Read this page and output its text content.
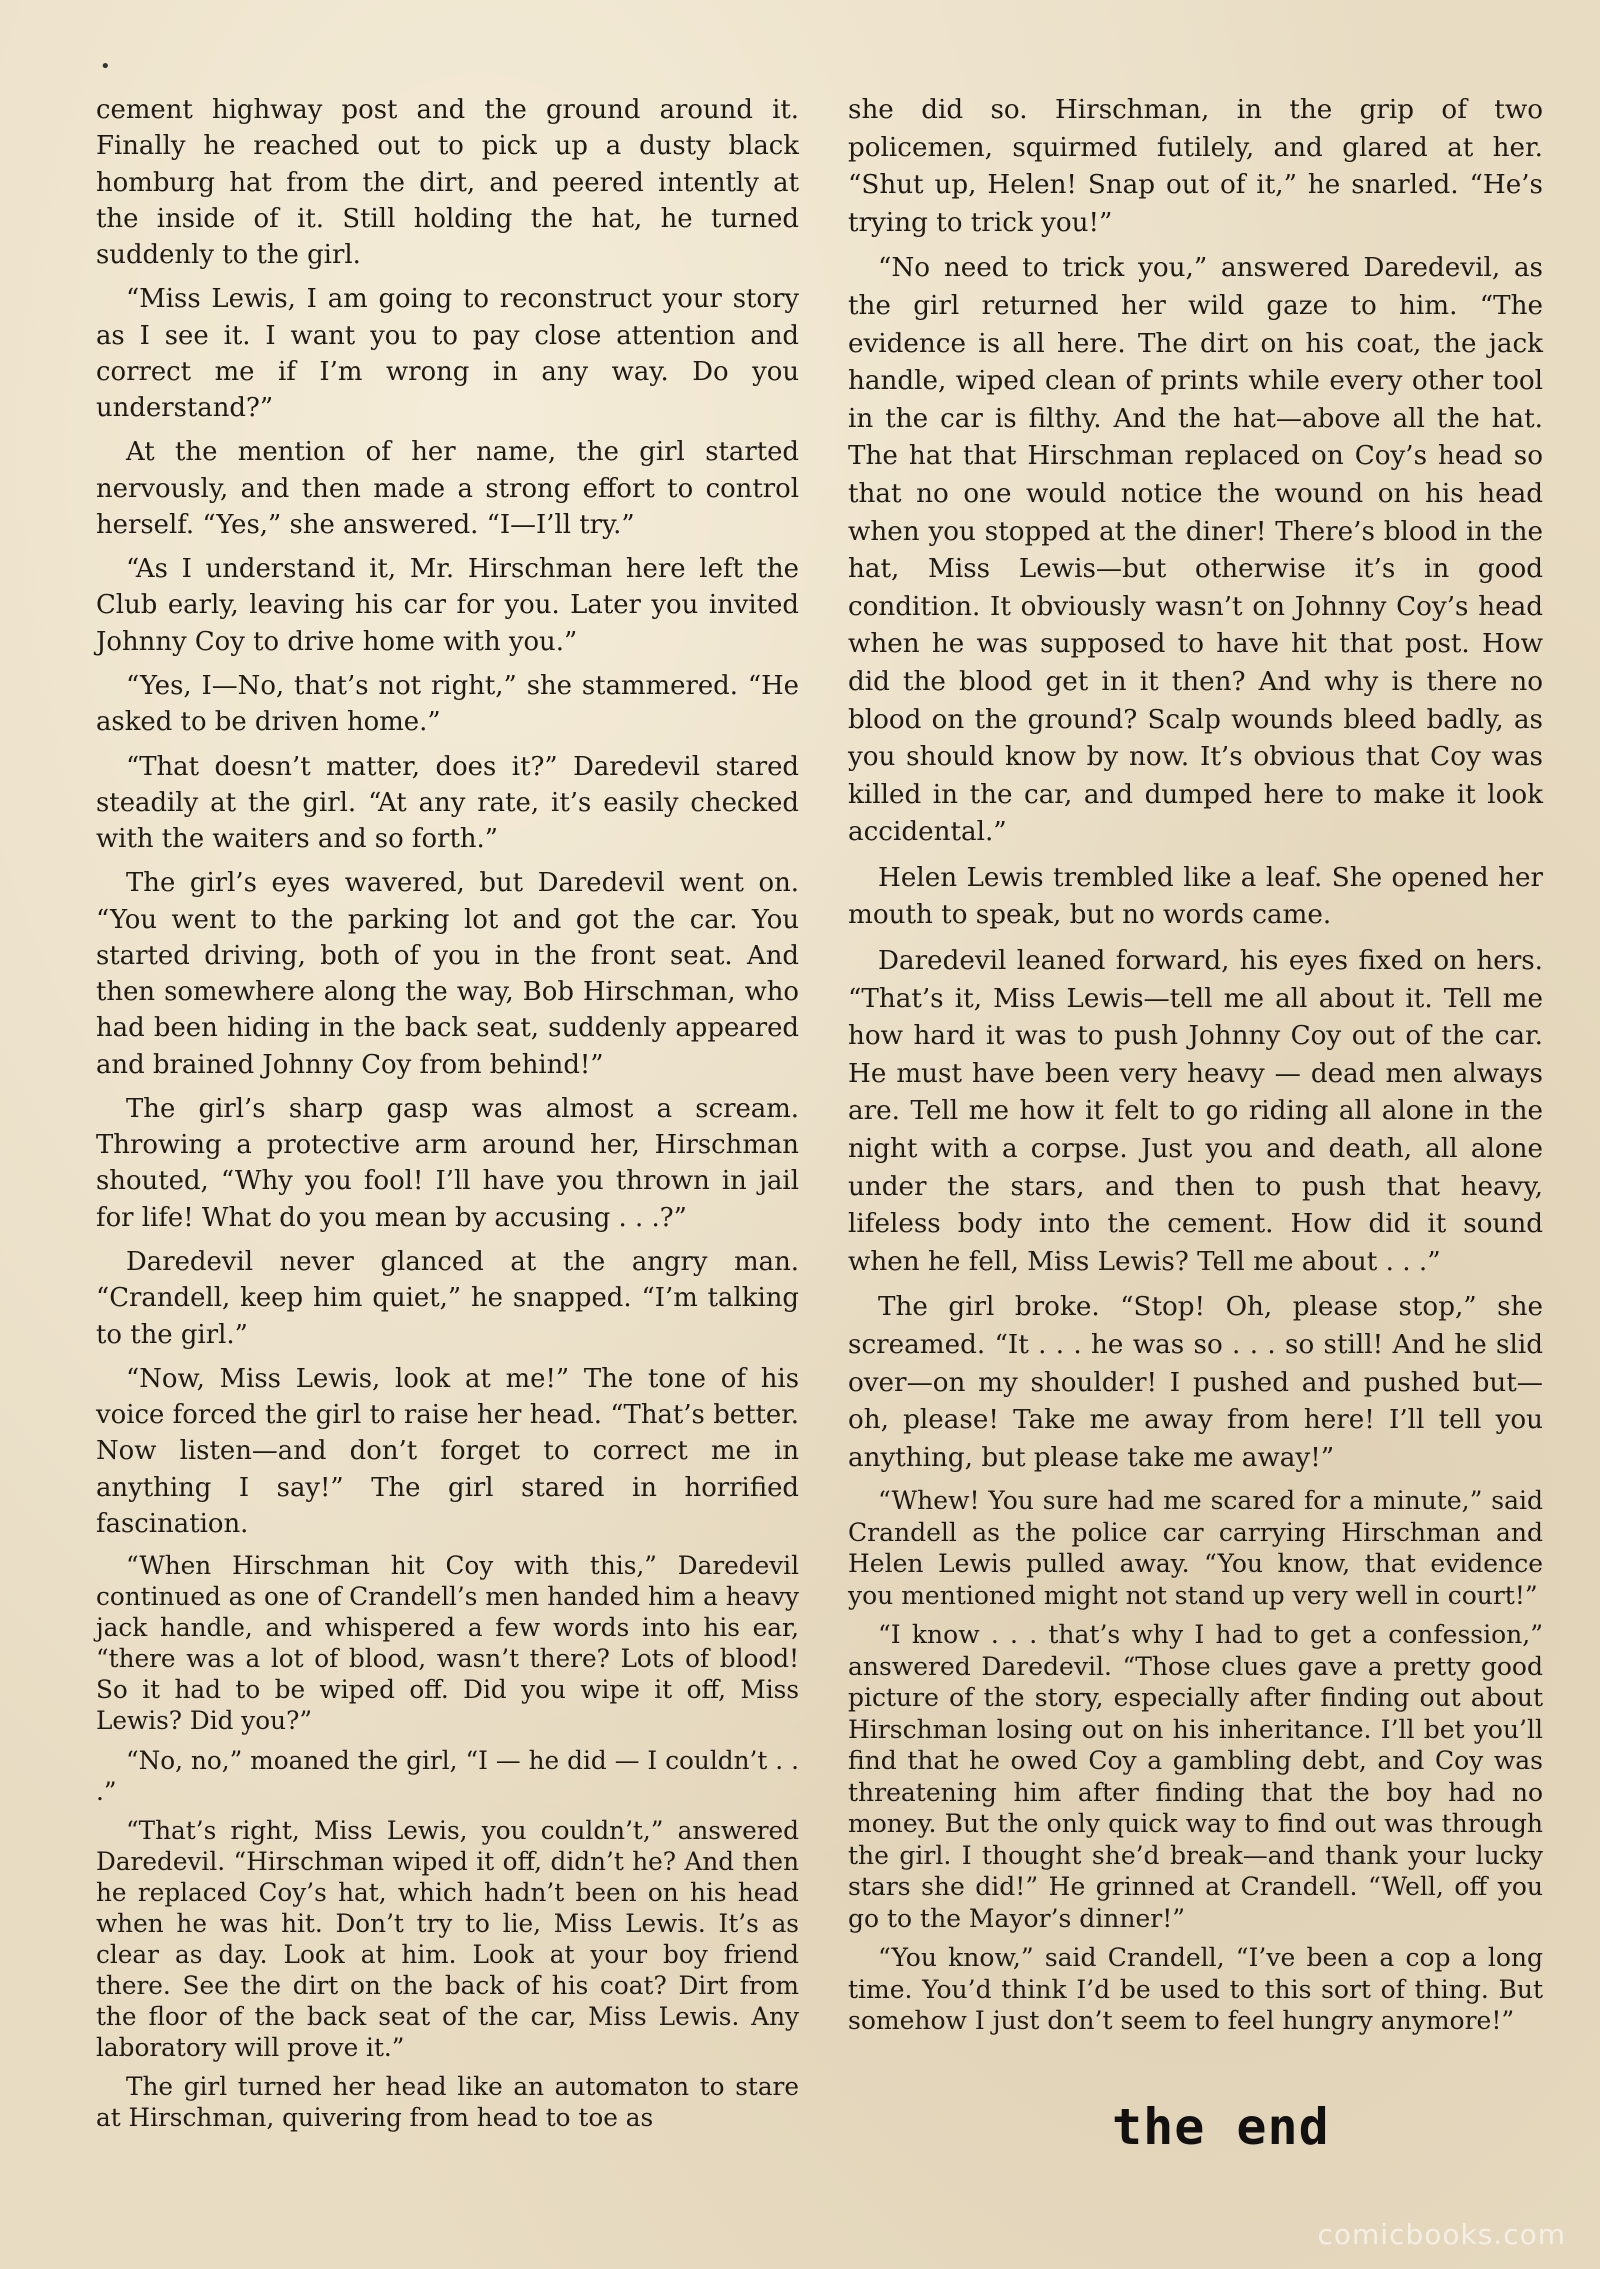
•

cement highway post and the ground around it. Finally he reached out to pick up a dusty black homburg hat from the dirt, and peered intently at the inside of it. Still holding the hat, he turned suddenly to the girl.

“Miss Lewis, I am going to reconstruct your story as I see it. I want you to pay close attention and correct me if I’m wrong in any way. Do you understand?”

At the mention of her name, the girl started nervously, and then made a strong effort to control herself. “Yes,” she answered. “I—I’ll try.”

“As I understand it, Mr. Hirschman here left the Club early, leaving his car for you. Later you invited Johnny Coy to drive home with you.”

“Yes, I—No, that’s not right,” she stammered. “He asked to be driven home.”

“That doesn’t matter, does it?” Daredevil stared steadily at the girl. “At any rate, it’s easily checked with the waiters and so forth.”

The girl’s eyes wavered, but Daredevil went on. “You went to the parking lot and got the car. You started driving, both of you in the front seat. And then somewhere along the way, Bob Hirschman, who had been hiding in the back seat, suddenly appeared and brained Johnny Coy from behind!”

The girl’s sharp gasp was almost a scream. Throwing a protective arm around her, Hirschman shouted, “Why you fool! I’ll have you thrown in jail for life! What do you mean by accusing . . .?”

Daredevil never glanced at the angry man. “Crandell, keep him quiet,” he snapped. “I’m talking to the girl.”

“Now, Miss Lewis, look at me!” The tone of his voice forced the girl to raise her head. “That’s better. Now listen—and don’t forget to correct me in anything I say!” The girl stared in horrified fascination.

“When Hirschman hit Coy with this,” Daredevil continued as one of Crandell’s men handed him a heavy jack handle, and whispered a few words into his ear, “there was a lot of blood, wasn’t there? Lots of blood! So it had to be wiped off. Did you wipe it off, Miss Lewis? Did you?”

“No, no,” moaned the girl, “I — he did — I couldn’t . . .”

“That’s right, Miss Lewis, you couldn’t,” answered Daredevil. “Hirschman wiped it off, didn’t he? And then he replaced Coy’s hat, which hadn’t been on his head when he was hit. Don’t try to lie, Miss Lewis. It’s as clear as day. Look at him. Look at your boy friend there. See the dirt on the back of his coat? Dirt from the floor of the back seat of the car, Miss Lewis. Any laboratory will prove it.”

The girl turned her head like an automaton to stare at Hirschman, quivering from head to toe as

she did so. Hirschman, in the grip of two policemen, squirmed futilely, and glared at her. “Shut up, Helen! Snap out of it,” he snarled. “He’s trying to trick you!”

“No need to trick you,” answered Daredevil, as the girl returned her wild gaze to him. “The evidence is all here. The dirt on his coat, the jack handle, wiped clean of prints while every other tool in the car is filthy. And the hat—above all the hat. The hat that Hirschman replaced on Coy’s head so that no one would notice the wound on his head when you stopped at the diner! There’s blood in the hat, Miss Lewis—but otherwise it’s in good condition. It obviously wasn’t on Johnny Coy’s head when he was supposed to have hit that post. How did the blood get in it then? And why is there no blood on the ground? Scalp wounds bleed badly, as you should know by now. It’s obvious that Coy was killed in the car, and dumped here to make it look accidental.”

Helen Lewis trembled like a leaf. She opened her mouth to speak, but no words came.

Daredevil leaned forward, his eyes fixed on hers. “That’s it, Miss Lewis—tell me all about it. Tell me how hard it was to push Johnny Coy out of the car. He must have been very heavy — dead men always are. Tell me how it felt to go riding all alone in the night with a corpse. Just you and death, all alone under the stars, and then to push that heavy, lifeless body into the cement. How did it sound when he fell, Miss Lewis? Tell me about . . .”

The girl broke. “Stop! Oh, please stop,” she screamed. “It . . . he was so . . . so still! And he slid over—on my shoulder! I pushed and pushed but—oh, please! Take me away from here! I’ll tell you anything, but please take me away!”

“Whew! You sure had me scared for a minute,” said Crandell as the police car carrying Hirschman and Helen Lewis pulled away. “You know, that evidence you mentioned might not stand up very well in court!”

“I know . . . that’s why I had to get a confession,” answered Daredevil. “Those clues gave a pretty good picture of the story, especially after finding out about Hirschman losing out on his inheritance. I’ll bet you’ll find that he owed Coy a gambling debt, and Coy was threatening him after finding that the boy had no money. But the only quick way to find out was through the girl. I thought she’d break—and thank your lucky stars she did!” He grinned at Crandell. “Well, off you go to the Mayor’s dinner!”

“You know,” said Crandell, “I’ve been a cop a long time. You’d think I’d be used to this sort of thing. But somehow I just don’t seem to feel hungry anymore!”

the end
comicbooks.com
